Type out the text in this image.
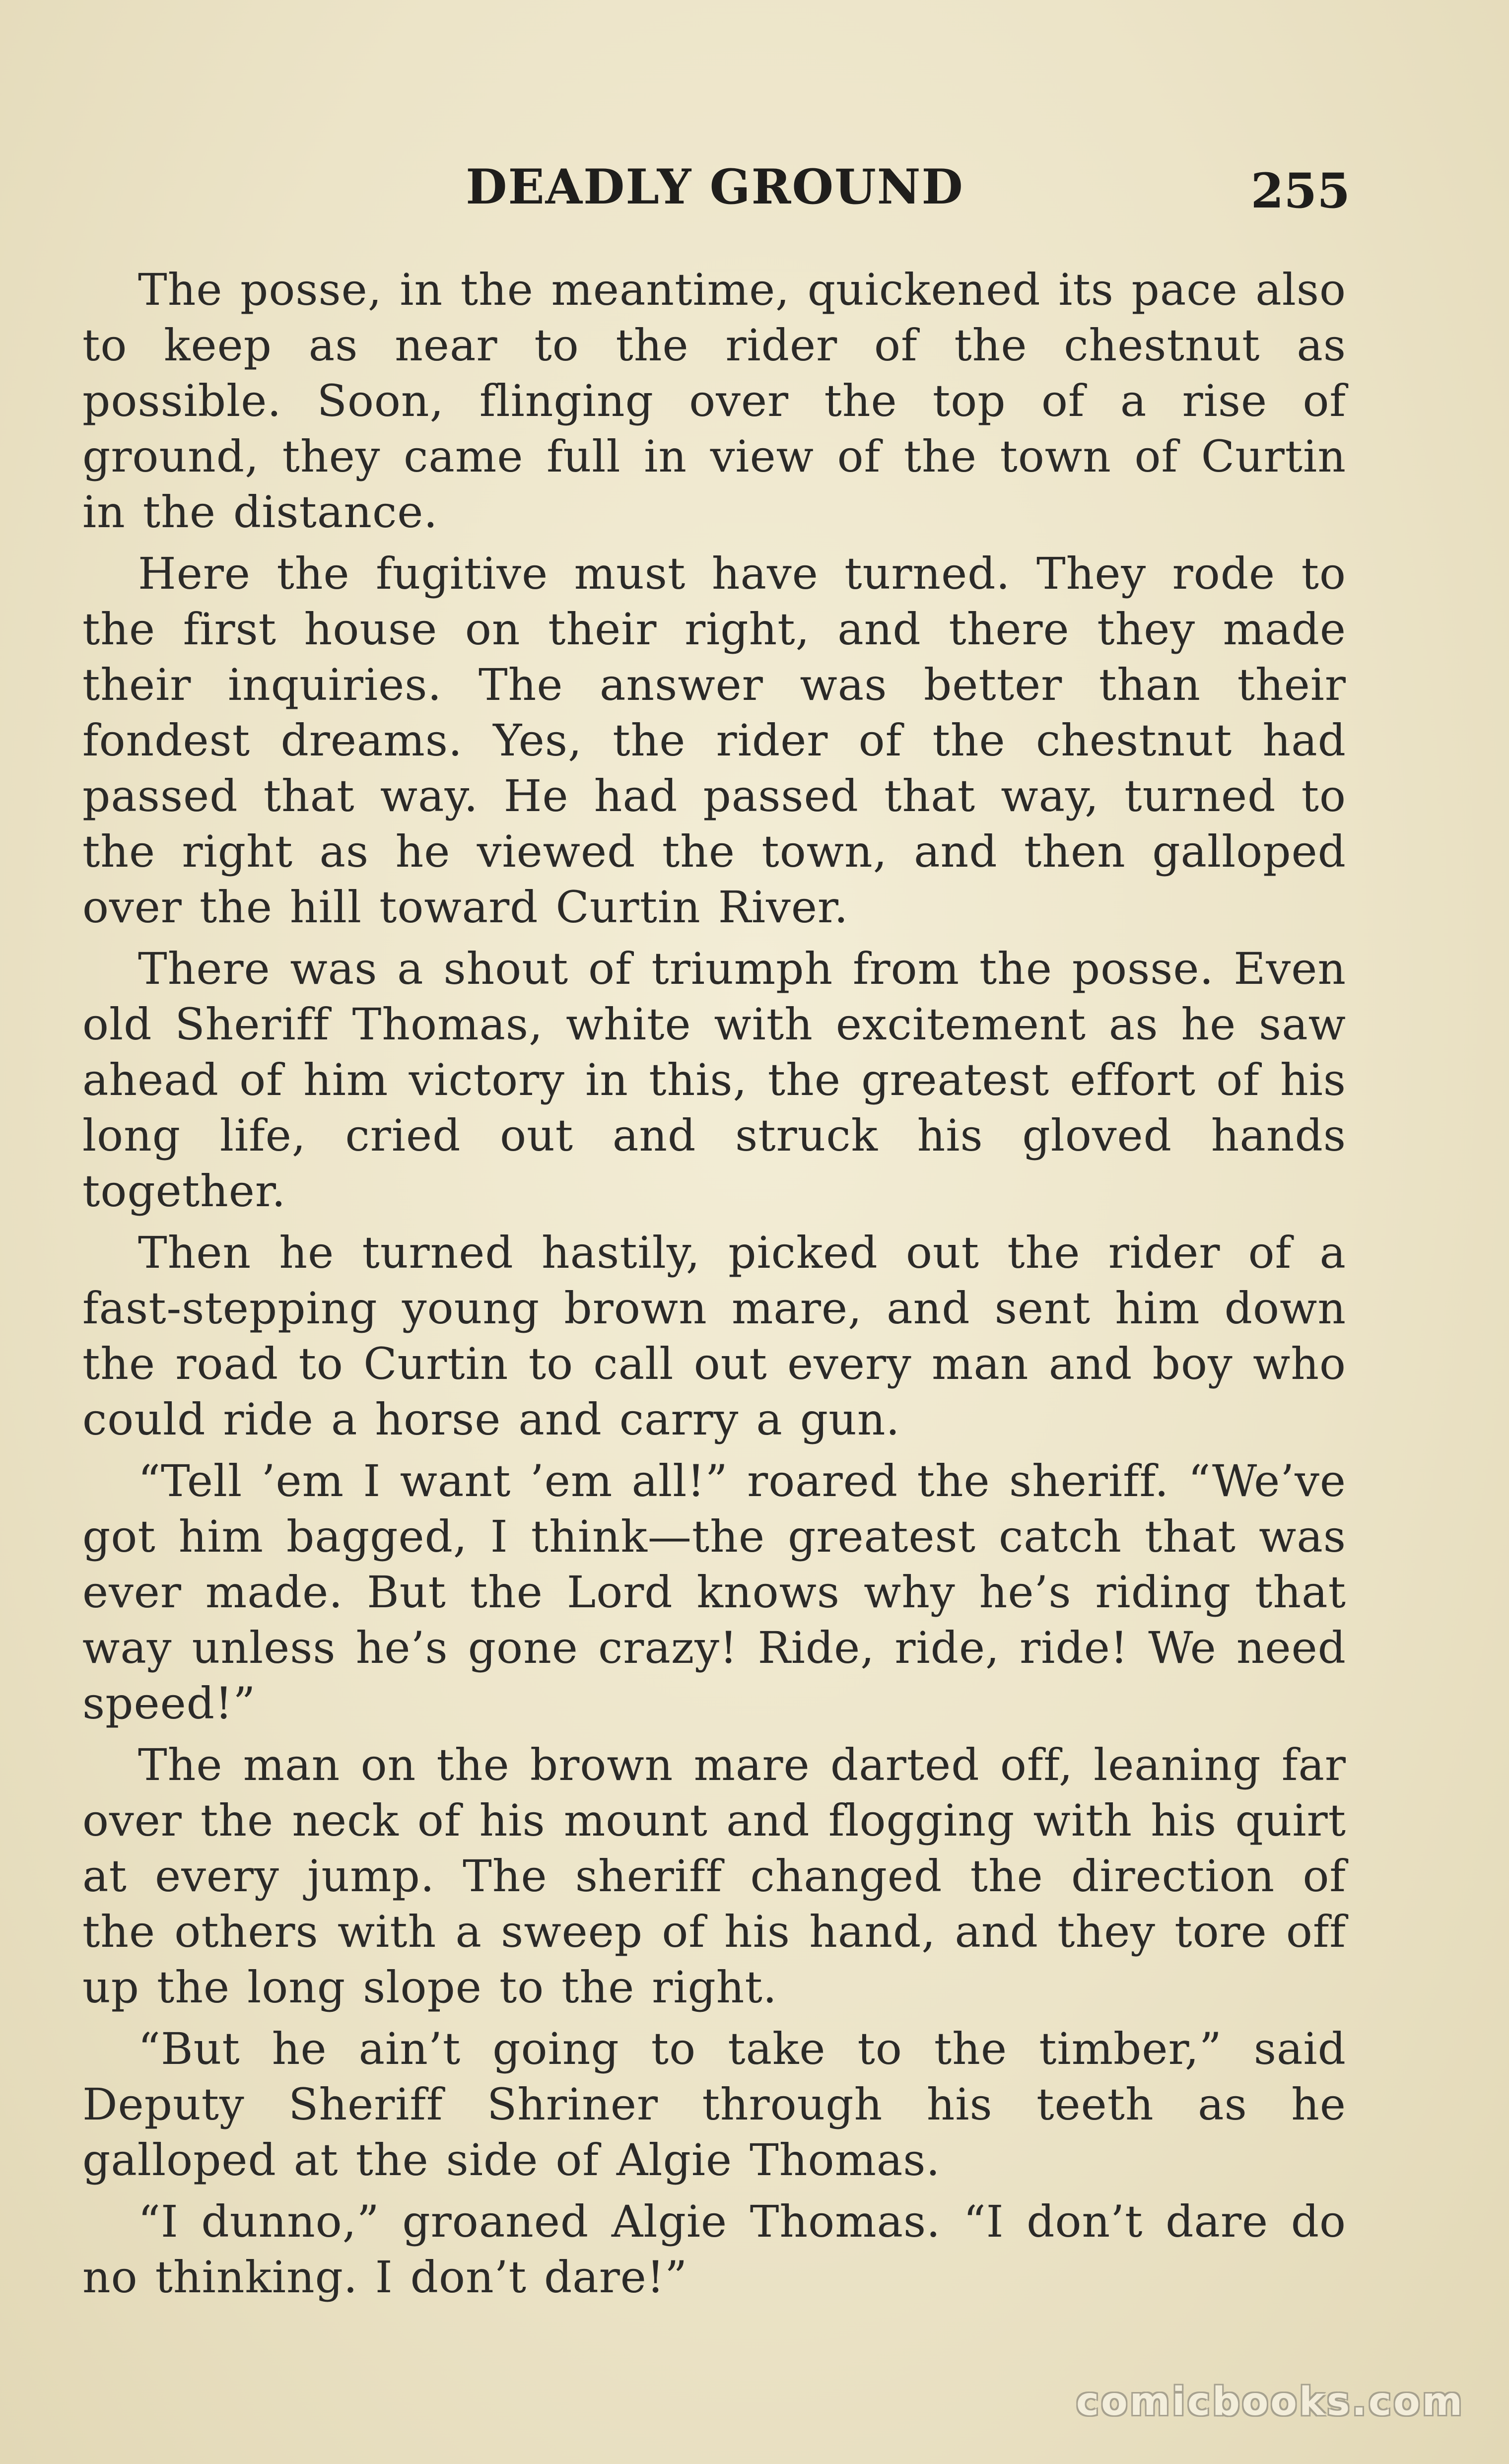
DEADLY GROUND	255

The posse, in the meantime, quickened its pace also to keep as near to the rider of the chestnut as possible. Soon, flinging over the top of a rise of ground, they came full in view of the town of Curtin in the distance.

Here the fugitive must have turned. They rode to the first house on their right, and there they made their inquiries. The answer was better than their fondest dreams. Yes, the rider of the chestnut had passed that way. He had passed that way, turned to the right as he viewed the town, and then galloped over the hill toward Curtin River.

There was a shout of triumph from the posse. Even old Sheriff Thomas, white with excitement as he saw ahead of him victory in this, the greatest effort of his long life, cried out and struck his gloved hands together.

Then he turned hastily, picked out the rider of a fast-stepping young brown mare, and sent him down the road to Curtin to call out every man and boy who could ride a horse and carry a gun.

“Tell ’em I want ’em all!” roared the sheriff. “We’ve got him bagged, I think—the greatest catch that was ever made. But the Lord knows why he’s riding that way unless he’s gone crazy! Ride, ride, ride! We need speed!”

The man on the brown mare darted off, leaning far over the neck of his mount and flogging with his quirt at every jump. The sheriff changed the direction of the others with a sweep of his hand, and they tore off up the long slope to the right.

“But he ain’t going to take to the timber,” said Deputy Sheriff Shriner through his teeth as he galloped at the side of Algie Thomas.

“I dunno,” groaned Algie Thomas. “I don’t dare do no thinking. I don’t dare!”

comicbooks.com
